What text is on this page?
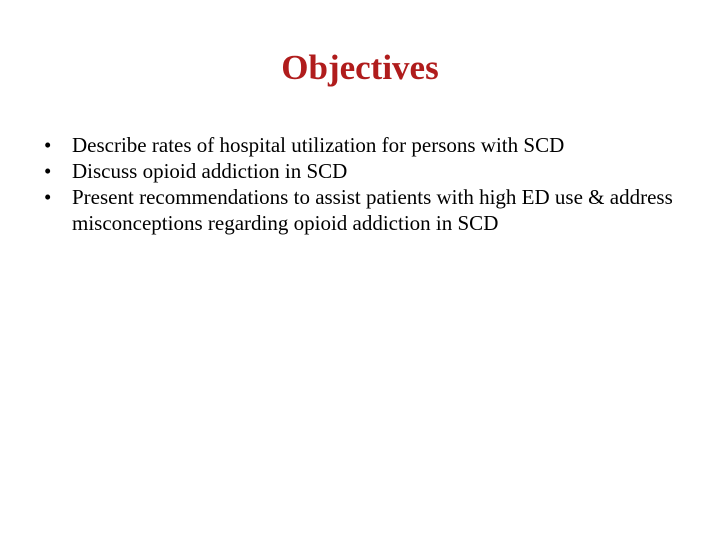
Objectives
• Describe rates of hospital utilization for persons with SCD
• Discuss opioid addiction in SCD
• Present recommendations to assist patients with high ED use & address misconceptions regarding opioid addiction in SCD
